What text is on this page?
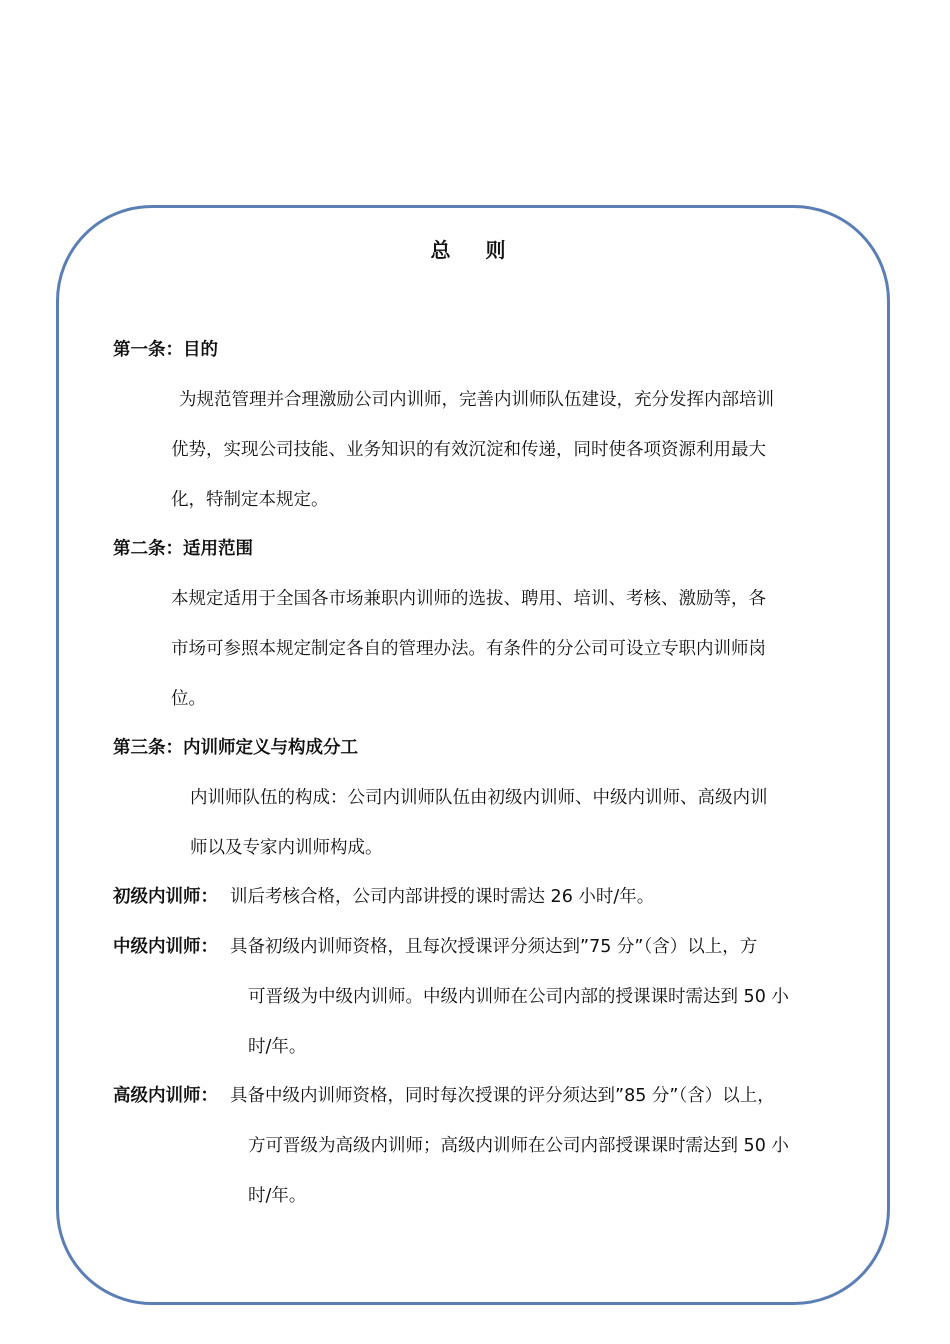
总 则
第一条：目的
为规范管理并合理激励公司内训师，完善内训师队伍建设，充分发挥内部培训
优势，实现公司技能、业务知识的有效沉淀和传递，同时使各项资源利用最大
化，特制定本规定。
第二条：适用范围
本规定适用于全国各市场兼职内训师的选拔、聘用、培训、考核、激励等，各
市场可参照本规定制定各自的管理办法。有条件的分公司可设立专职内训师岗
位。
第三条：内训师定义与构成分工
内训师队伍的构成：公司内训师队伍由初级内训师、中级内训师、高级内训
师以及专家内训师构成。
初级内训师： 训后考核合格，公司内部讲授的课时需达 26 小时/年。
中级内训师： 具备初级内训师资格，且每次授课评分须达到”75 分”（含）以上，方
可晋级为中级内训师。中级内训师在公司内部的授课课时需达到 50 小
时/年。
高级内训师： 具备中级内训师资格，同时每次授课的评分须达到”85 分”（含）以上，
方可晋级为高级内训师；高级内训师在公司内部授课课时需达到 50 小
时/年。
